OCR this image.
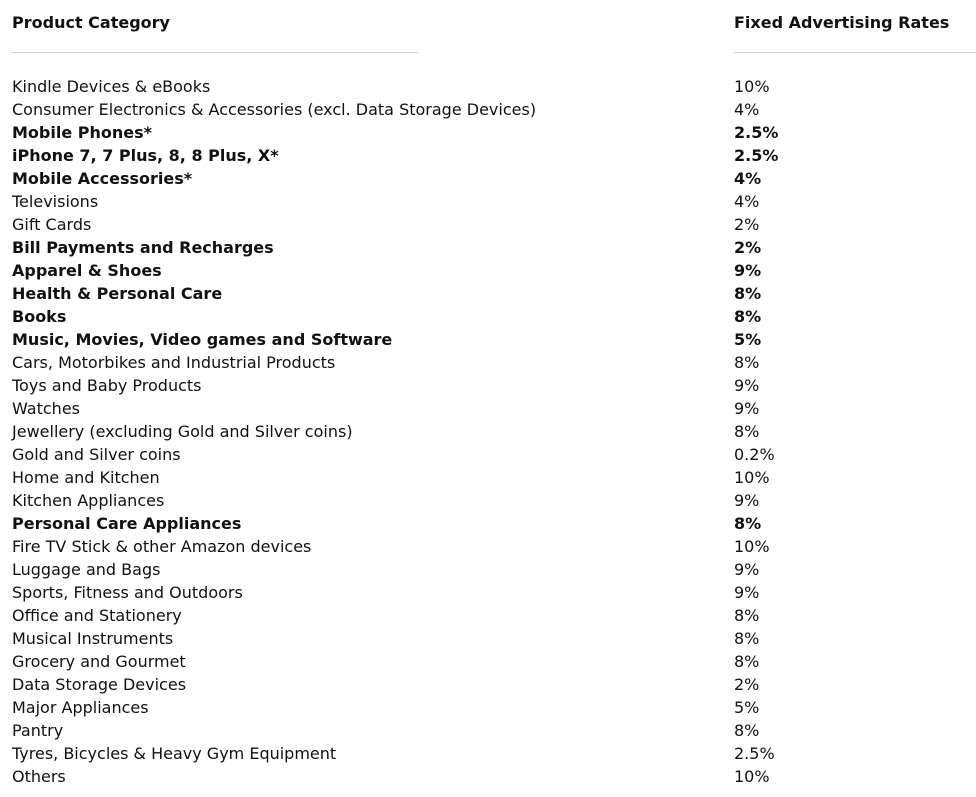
Product Category	Fixed Advertising Rates
Kindle Devices & eBooks	10%
Consumer Electronics & Accessories (excl. Data Storage Devices)	4%
Mobile Phones*	2.5%
iPhone 7, 7 Plus, 8, 8 Plus, X*	2.5%
Mobile Accessories*	4%
Televisions	4%
Gift Cards	2%
Bill Payments and Recharges	2%
Apparel & Shoes	9%
Health & Personal Care	8%
Books	8%
Music, Movies, Video games and Software	5%
Cars, Motorbikes and Industrial Products	8%
Toys and Baby Products	9%
Watches	9%
Jewellery (excluding Gold and Silver coins)	8%
Gold and Silver coins	0.2%
Home and Kitchen	10%
Kitchen Appliances	9%
Personal Care Appliances	8%
Fire TV Stick & other Amazon devices	10%
Luggage and Bags	9%
Sports, Fitness and Outdoors	9%
Office and Stationery	8%
Musical Instruments	8%
Grocery and Gourmet	8%
Data Storage Devices	2%
Major Appliances	5%
Pantry	8%
Tyres, Bicycles & Heavy Gym Equipment	2.5%
Others	10%
